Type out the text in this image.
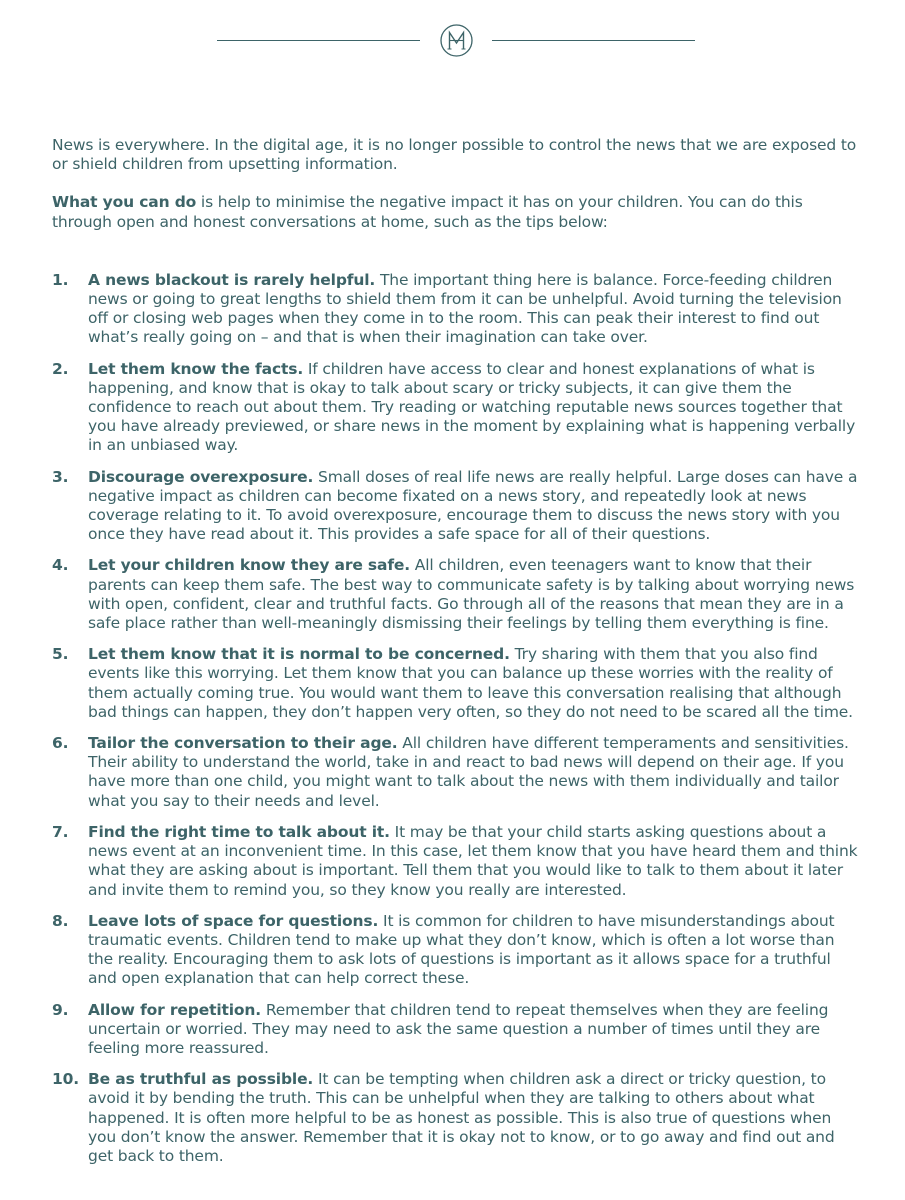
News is everywhere. In the digital age, it is no longer possible to control the news that we are exposed to or shield children from upsetting information.

What you can do is help to minimise the negative impact it has on your children. You can do this through open and honest conversations at home, such as the tips below:

1. A news blackout is rarely helpful. The important thing here is balance. Force-feeding children news or going to great lengths to shield them from it can be unhelpful. Avoid turning the television off or closing web pages when they come in to the room. This can peak their interest to find out what’s really going on – and that is when their imagination can take over.
2. Let them know the facts. If children have access to clear and honest explanations of what is happening, and know that is okay to talk about scary or tricky subjects, it can give them the confidence to reach out about them. Try reading or watching reputable news sources together that you have already previewed, or share news in the moment by explaining what is happening verbally in an unbiased way.
3. Discourage overexposure. Small doses of real life news are really helpful. Large doses can have a negative impact as children can become fixated on a news story, and repeatedly look at news coverage relating to it. To avoid overexposure, encourage them to discuss the news story with you once they have read about it. This provides a safe space for all of their questions.
4. Let your children know they are safe. All children, even teenagers want to know that their parents can keep them safe. The best way to communicate safety is by talking about worrying news with open, confident, clear and truthful facts. Go through all of the reasons that mean they are in a safe place rather than well-meaningly dismissing their feelings by telling them everything is fine.
5. Let them know that it is normal to be concerned. Try sharing with them that you also find events like this worrying. Let them know that you can balance up these worries with the reality of them actually coming true. You would want them to leave this conversation realising that although bad things can happen, they don’t happen very often, so they do not need to be scared all the time.
6. Tailor the conversation to their age. All children have different temperaments and sensitivities. Their ability to understand the world, take in and react to bad news will depend on their age. If you have more than one child, you might want to talk about the news with them individually and tailor what you say to their needs and level.
7. Find the right time to talk about it. It may be that your child starts asking questions about a news event at an inconvenient time. In this case, let them know that you have heard them and think what they are asking about is important. Tell them that you would like to talk to them about it later and invite them to remind you, so they know you really are interested.
8. Leave lots of space for questions. It is common for children to have misunderstandings about traumatic events. Children tend to make up what they don’t know, which is often a lot worse than the reality. Encouraging them to ask lots of questions is important as it allows space for a truthful and open explanation that can help correct these.
9. Allow for repetition. Remember that children tend to repeat themselves when they are feeling uncertain or worried. They may need to ask the same question a number of times until they are feeling more reassured.
10. Be as truthful as possible. It can be tempting when children ask a direct or tricky question, to avoid it by bending the truth. This can be unhelpful when they are talking to others about what happened. It is often more helpful to be as honest as possible. This is also true of questions when you don’t know the answer. Remember that it is okay not to know, or to go away and find out and get back to them.
